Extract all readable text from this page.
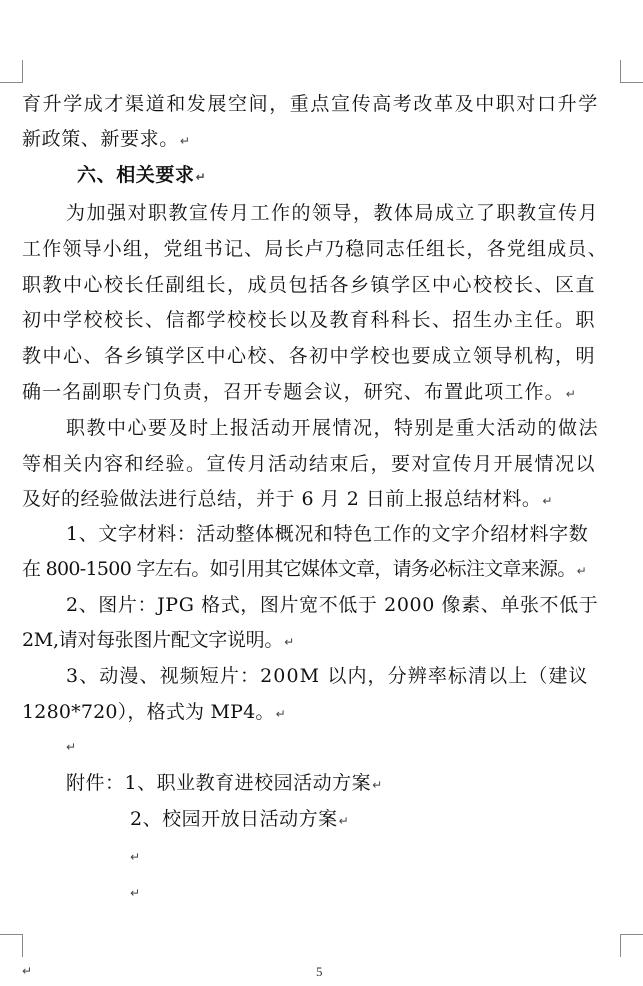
育升学成才渠道和发展空间，重点宣传高考改革及中职对口升学
新政策、新要求。↵
六、相关要求↵
为加强对职教宣传月工作的领导，教体局成立了职教宣传月
工作领导小组，党组书记、局长卢乃稳同志任组长，各党组成员、
职教中心校长任副组长，成员包括各乡镇学区中心校校长、区直
初中学校校长、信都学校校长以及教育科科长、招生办主任。职
教中心、各乡镇学区中心校、各初中学校也要成立领导机构，明
确一名副职专门负责，召开专题会议，研究、布置此项工作。↵
职教中心要及时上报活动开展情况，特别是重大活动的做法
等相关内容和经验。宣传月活动结束后，要对宣传月开展情况以
及好的经验做法进行总结，并于 6 月 2 日前上报总结材料。↵
1、文字材料：活动整体概况和特色工作的文字介绍材料字数
在 800-1500 字左右。如引用其它媒体文章，请务必标注文章来源。↵
2、图片：JPG 格式，图片宽不低于 2000 像素、单张不低于
2M,请对每张图片配文字说明。↵
3、动漫、视频短片：200M 以内，分辨率标清以上（建议
1280*720），格式为 MP4。↵
↵
附件：1、职业教育进校园活动方案↵
2、校园开放日活动方案↵
↵
↵
↵	5
